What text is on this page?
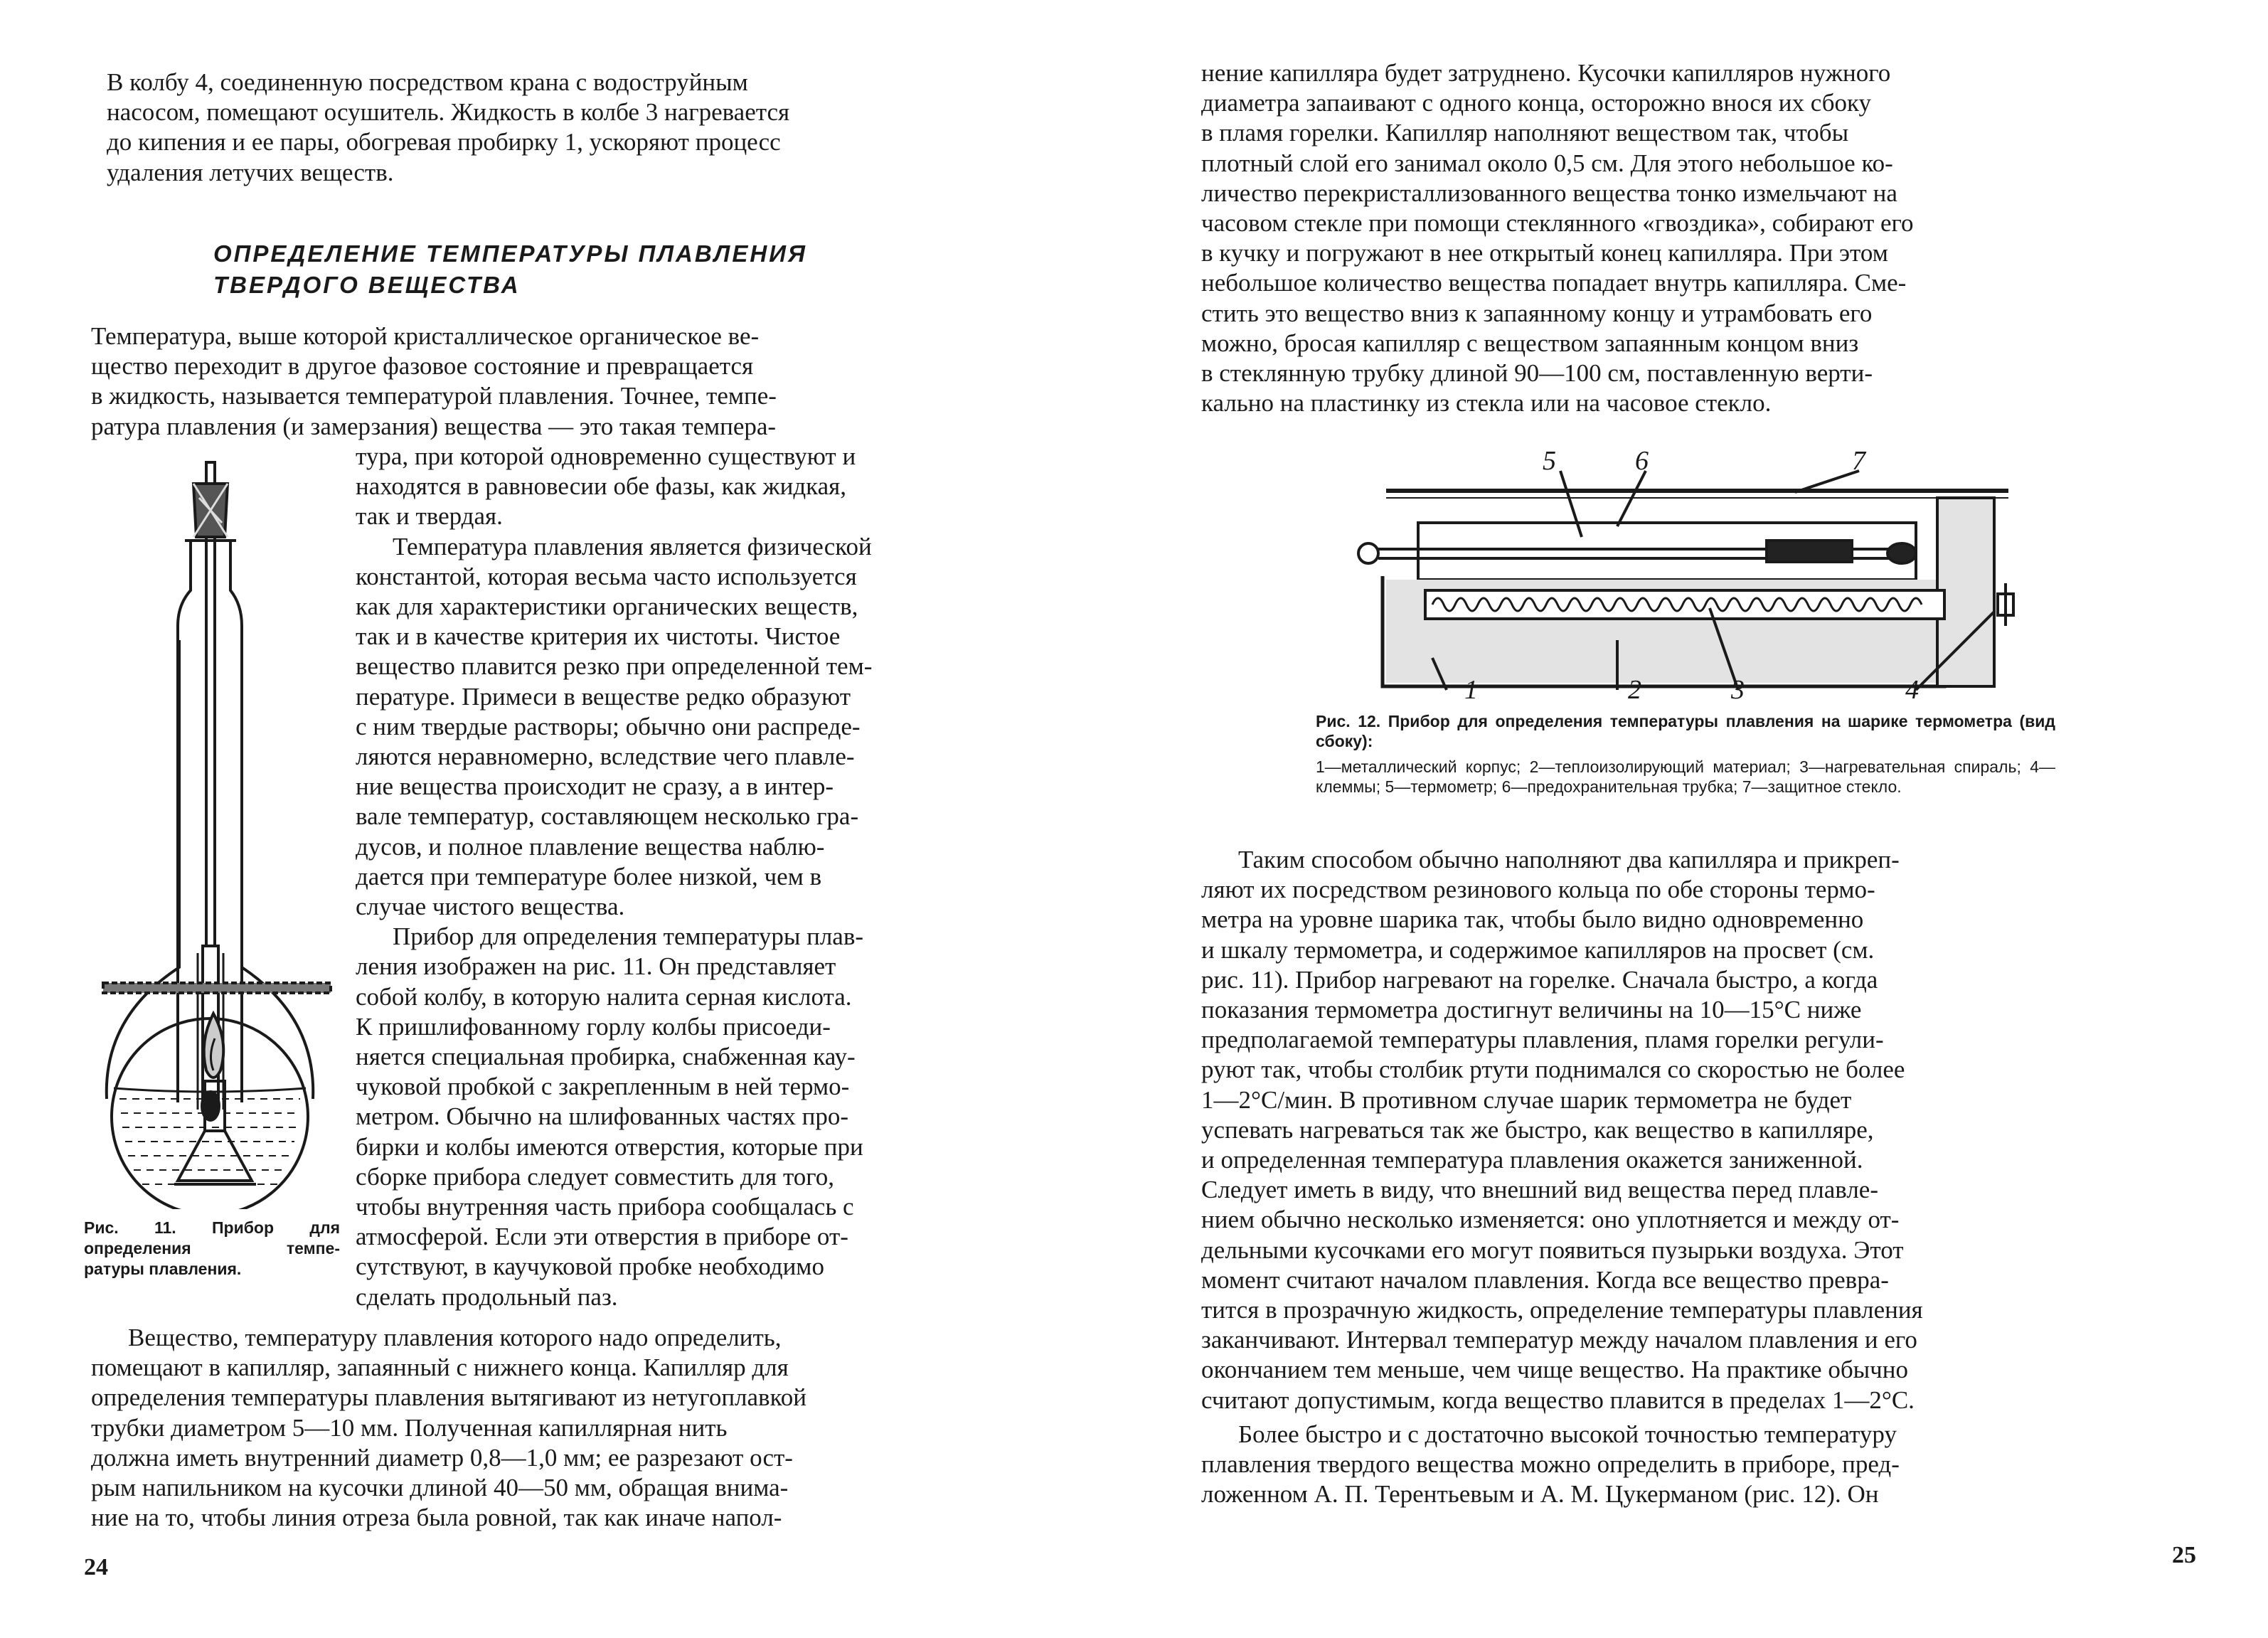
В колбу 4, соединенную посредством крана с водоструйным

насосом, помещают осушитель. Жидкость в колбе 3 нагревается

до кипения и ее пары, обогревая пробирку 1, ускоряют процесс

удаления летучих веществ.

ОПРЕДЕЛЕНИЕ ТЕМПЕРАТУРЫ ПЛАВЛЕНИЯ
ТВЕРДОГО ВЕЩЕСТВА

Температура, выше которой кристаллическое органическое ве-

щество переходит в другое фазовое состояние и превращается

в жидкость, называется температурой плавления. Точнее, темпе-

ратура плавления (и замерзания) вещества — это такая темпера-

тура, при которой одновременно существуют и

находятся в равновесии обе фазы, как жидкая,

так и твердая.

Температура плавления является физической

константой, которая весьма часто используется

как для характеристики органических веществ,

так и в качестве критерия их чистоты. Чистое

вещество плавится резко при определенной тем-

пературе. Примеси в веществе редко образуют

с ним твердые растворы; обычно они распреде-

ляются неравномерно, вследствие чего плавле-

ние вещества происходит не сразу, а в интер-

вале температур, составляющем несколько гра-

дусов, и полное плавление вещества наблю-

дается при температуре более низкой, чем в

случае чистого вещества.

Прибор для определения температуры плав-

ления изображен на рис. 11. Он представляет

собой колбу, в которую налита серная кислота.

К пришлифованному горлу колбы присоеди-

няется специальная пробирка, снабженная кау-

чуковой пробкой с закрепленным в ней термо-

метром. Обычно на шлифованных частях про-

бирки и колбы имеются отверстия, которые при

сборке прибора следует совместить для того,

чтобы внутренняя часть прибора сообщалась с

атмосферой. Если эти отверстия в приборе от-

сутствуют, в каучуковой пробке необходимо

сделать продольный паз.

Рис. 11. Прибор для
определения темпе-
ратуры плавления.

Вещество, температуру плавления которого надо определить,

помещают в капилляр, запаянный с нижнего конца. Капилляр для

определения температуры плавления вытягивают из нетугоплавкой

трубки диаметром 5—10 мм. Полученная капиллярная нить

должна иметь внутренний диаметр 0,8—1,0 мм; ее разрезают ост-

рым напильником на кусочки длиной 40—50 мм, обращая внима-

ние на то, чтобы линия отреза была ровной, так как иначе напол-

24

нение капилляра будет затруднено. Кусочки капилляров нужного

диаметра запаивают с одного конца, осторожно внося их сбоку

в пламя горелки. Капилляр наполняют веществом так, чтобы

плотный слой его занимал около 0,5 см. Для этого небольшое ко-

личество перекристаллизованного вещества тонко измельчают на

часовом стекле при помощи стеклянного «гвоздика», собирают его

в кучку и погружают в нее открытый конец капилляра. При этом

небольшое количество вещества попадает внутрь капилляра. Сме-

стить это вещество вниз к запаянному концу и утрамбовать его

можно, бросая капилляр с веществом запаянным концом вниз

в стеклянную трубку длиной 90—100 см, поставленную верти-

кально на пластинку из стекла или на часовое стекло.

5	6	7
1	2	3	4
Рис. 12. Прибор для определения температуры плавления на шарике термометра (вид сбоку):
1—металлический корпус; 2—теплоизолирующий материал; 3—нагревательная спираль; 4—клеммы; 5—термометр; 6—предохранительная трубка; 7—защитное стекло.

Таким способом обычно наполняют два капилляра и прикреп-

ляют их посредством резинового кольца по обе стороны термо-

метра на уровне шарика так, чтобы было видно одновременно

и шкалу термометра, и содержимое капилляров на просвет (см.

рис. 11). Прибор нагревают на горелке. Сначала быстро, а когда

показания термометра достигнут величины на 10—15°С ниже

предполагаемой температуры плавления, пламя горелки регули-

руют так, чтобы столбик ртути поднимался со скоростью не более

1—2°С/мин. В противном случае шарик термометра не будет

успевать нагреваться так же быстро, как вещество в капилляре,

и определенная температура плавления окажется заниженной.

Следует иметь в виду, что внешний вид вещества перед плавле-

нием обычно несколько изменяется: оно уплотняется и между от-

дельными кусочками его могут появиться пузырьки воздуха. Этот

момент считают началом плавления. Когда все вещество превра-

тится в прозрачную жидкость, определение температуры плавления

заканчивают. Интервал температур между началом плавления и его

окончанием тем меньше, чем чище вещество. На практике обычно

считают допустимым, когда вещество плавится в пределах 1—2°С.

Более быстро и с достаточно высокой точностью температуру

плавления твердого вещества можно определить в приборе, пред-

ложенном А. П. Терентьевым и А. М. Цукерманом (рис. 12). Он

25
